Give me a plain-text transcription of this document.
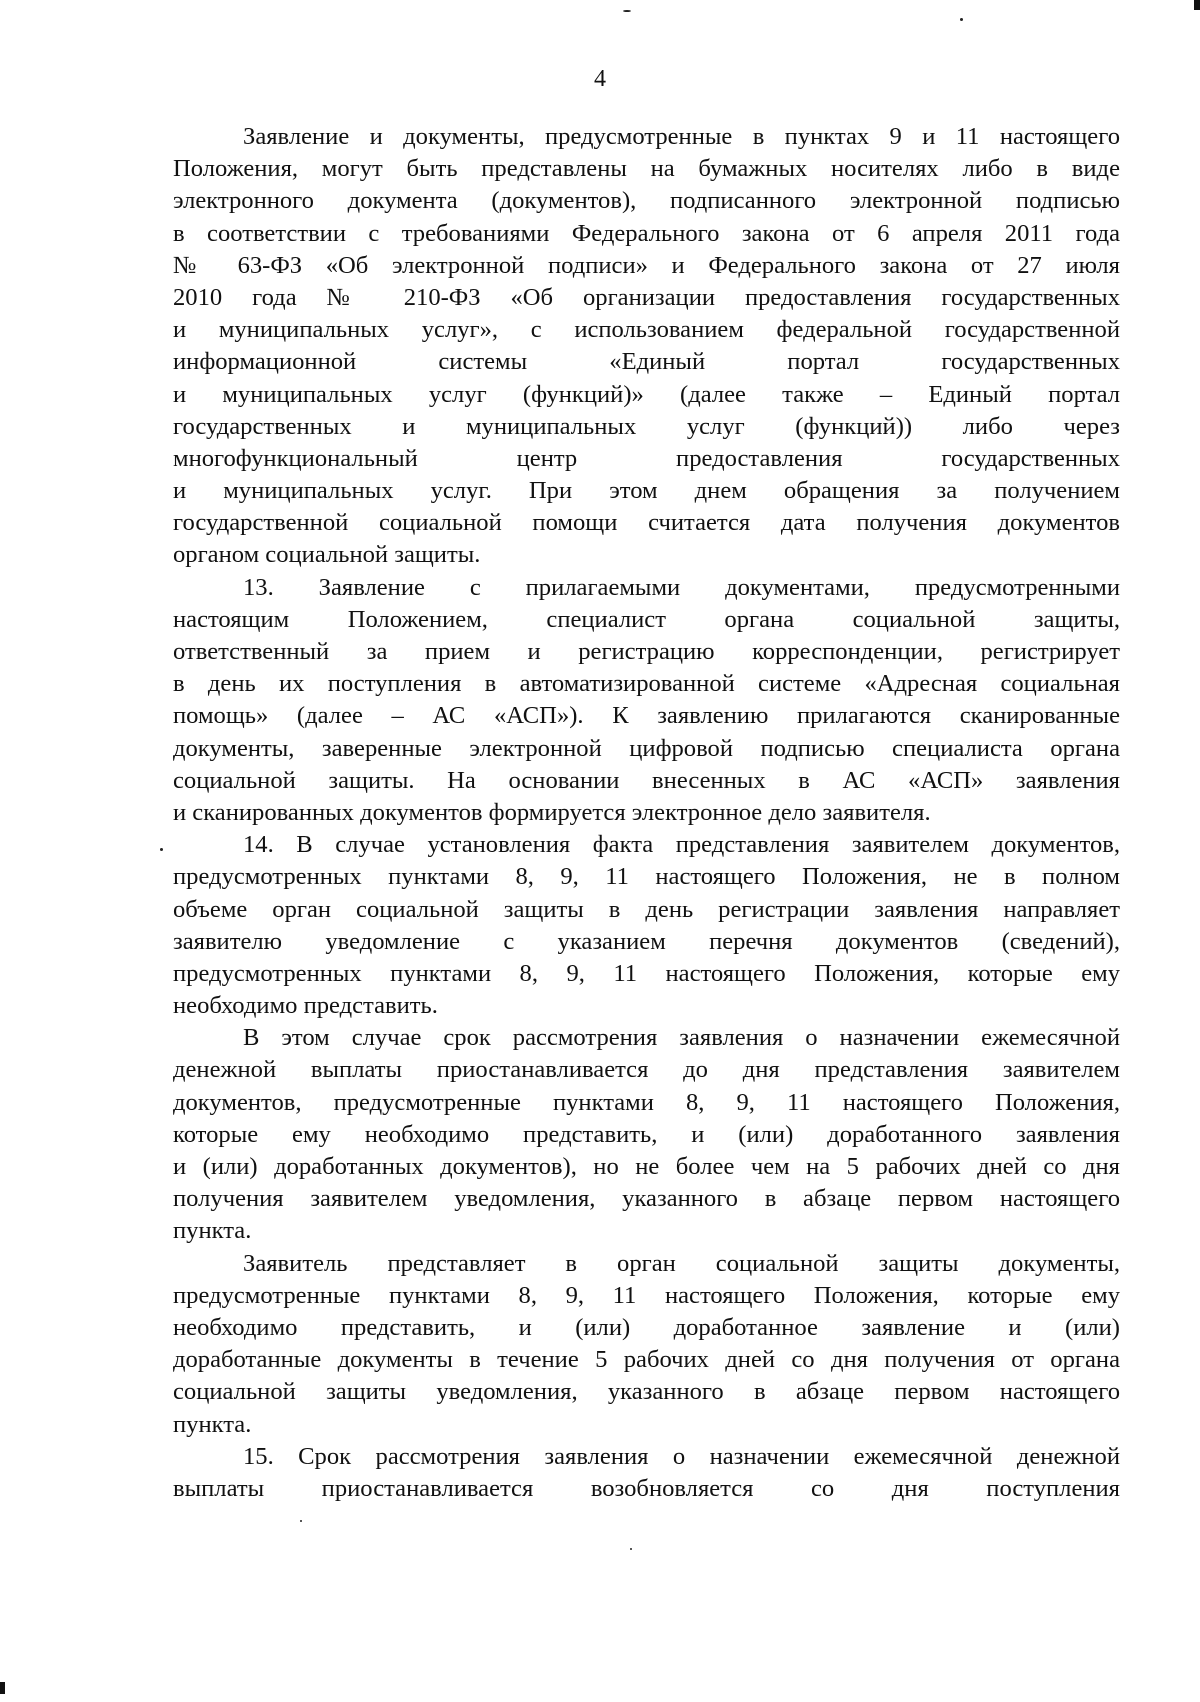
4
Заявление и документы, предусмотренные в пунктах 9 и 11 настоящего
Положения, могут быть представлены на бумажных носителях либо в виде
электронного документа (документов), подписанного электронной подписью
в соответствии с требованиями Федерального закона от 6 апреля 2011 года
№ 63-ФЗ «Об электронной подписи» и Федерального закона от 27 июля
2010 года № 210-ФЗ «Об организации предоставления государственных
и муниципальных услуг», с использованием федеральной государственной
информационной системы «Единый портал государственных
и муниципальных услуг (функций)» (далее также – Единый портал
государственных и муниципальных услуг (функций)) либо через
многофункциональный центр предоставления государственных
и муниципальных услуг. При этом днем обращения за получением
государственной социальной помощи считается дата получения документов
органом социальной защиты.
13. Заявление с прилагаемыми документами, предусмотренными
настоящим Положением, специалист органа социальной защиты,
ответственный за прием и регистрацию корреспонденции, регистрирует
в день их поступления в автоматизированной системе «Адресная социальная
помощь» (далее – АС «АСП»). К заявлению прилагаются сканированные
документы, заверенные электронной цифровой подписью специалиста органа
социальной защиты. На основании внесенных в АС «АСП» заявления
и сканированных документов формируется электронное дело заявителя.
14. В случае установления факта представления заявителем документов,
предусмотренных пунктами 8, 9, 11 настоящего Положения, не в полном
объеме орган социальной защиты в день регистрации заявления направляет
заявителю уведомление с указанием перечня документов (сведений),
предусмотренных пунктами 8, 9, 11 настоящего Положения, которые ему
необходимо представить.
В этом случае срок рассмотрения заявления о назначении ежемесячной
денежной выплаты приостанавливается до дня представления заявителем
документов, предусмотренные пунктами 8, 9, 11 настоящего Положения,
которые ему необходимо представить, и (или) доработанного заявления
и (или) доработанных документов), но не более чем на 5 рабочих дней со дня
получения заявителем уведомления, указанного в абзаце первом настоящего
пункта.
Заявитель представляет в орган социальной защиты документы,
предусмотренные пунктами 8, 9, 11 настоящего Положения, которые ему
необходимо представить, и (или) доработанное заявление и (или)
доработанные документы в течение 5 рабочих дней со дня получения от органа
социальной защиты уведомления, указанного в абзаце первом настоящего
пункта.
15. Срок рассмотрения заявления о назначении ежемесячной денежной
выплаты приостанавливается возобновляется со дня поступления
